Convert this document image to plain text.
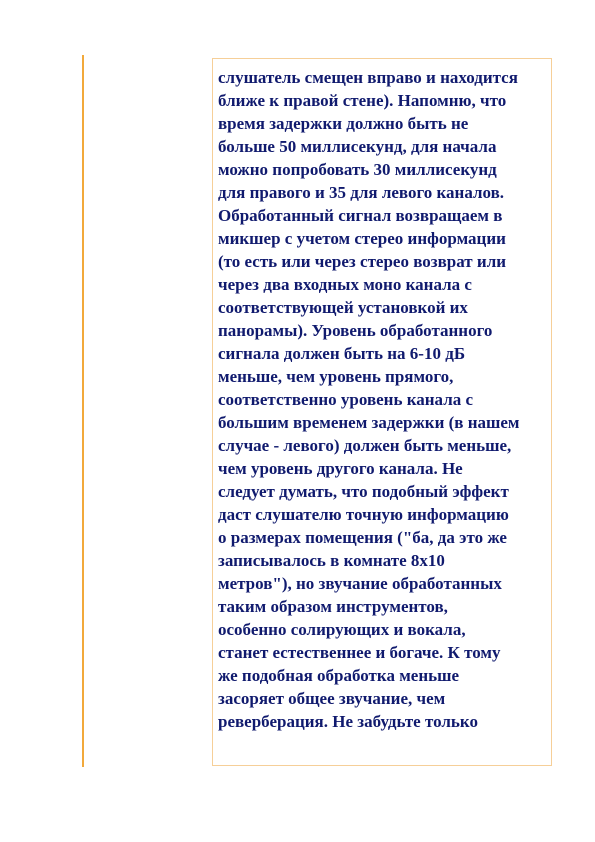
слушатель смещен вправо и находится
ближе к правой стене). Напомню, что
время задержки должно быть не
больше 50 миллисекунд, для начала
можно попробовать 30 миллисекунд
для правого и 35 для левого каналов.
Обработанный сигнал возвращаем в
микшер с учетом стерео информации
(то есть или через стерео возврат или
через два входных моно канала с
соответствующей установкой их
панорамы). Уровень обработанного
сигнала должен быть на 6-10 дБ
меньше, чем уровень прямого,
соответственно уровень канала с
большим временем задержки (в нашем
случае - левого) должен быть меньше,
чем уровень другого канала. Не
следует думать, что подобный эффект
даст слушателю точную информацию
о размерах помещения ("ба, да это же
записывалось в комнате 8х10
метров"), но звучание обработанных
таким образом инструментов,
особенно солирующих и вокала,
станет естественнее и богаче. К тому
же подобная обработка меньше
засоряет общее звучание, чем
реверберация. Не забудьте только
